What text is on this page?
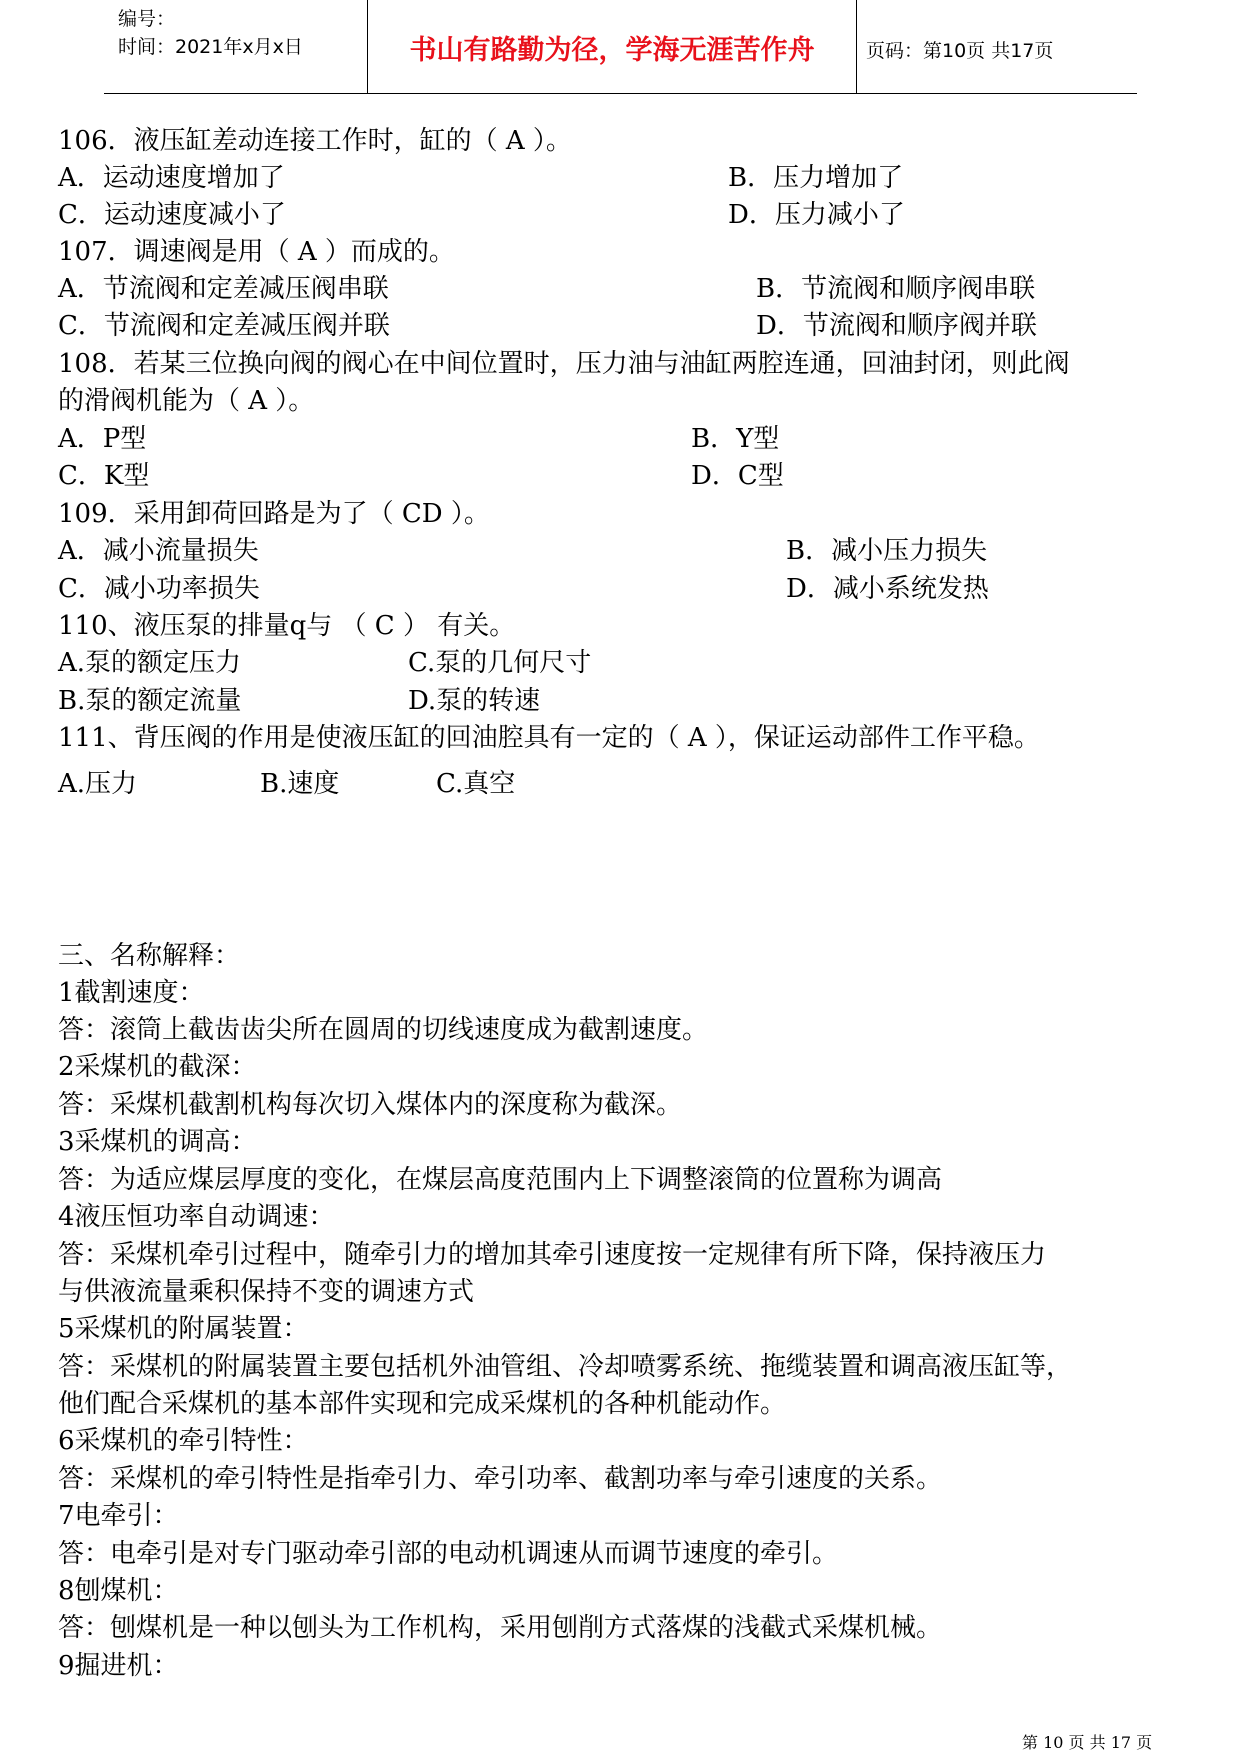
编号：
时间：2021年x月x日	书山有路勤为径，学海无涯苦作舟	页码：第10页 共17页
106．液压缸差动连接工作时，缸的（ A ）。
A．运动速度增加了	B．压力增加了
C．运动速度减小了	D．压力减小了
107．调速阀是用（ A ）而成的。
A．节流阀和定差减压阀串联	B．节流阀和顺序阀串联
C．节流阀和定差减压阀并联	D．节流阀和顺序阀并联
108．若某三位换向阀的阀心在中间位置时，压力油与油缸两腔连通，回油封闭，则此阀
的滑阀机能为（ A ）。
A．P型	B．Y型
C．K型	D．C型
109．采用卸荷回路是为了（ CD ）。
A．减小流量损失	B．减小压力损失
C．减小功率损失	D．减小系统发热
110、液压泵的排量q与 （ C ） 有关。
A.泵的额定压力	C.泵的几何尺寸
B.泵的额定流量	D.泵的转速
111、背压阀的作用是使液压缸的回油腔具有一定的（ A ），保证运动部件工作平稳。
A.压力	B.速度	C.真空
三、名称解释：
1截割速度：
答：滚筒上截齿齿尖所在圆周的切线速度成为截割速度。
2采煤机的截深：
答：采煤机截割机构每次切入煤体内的深度称为截深。
3采煤机的调高：
答：为适应煤层厚度的变化，在煤层高度范围内上下调整滚筒的位置称为调高
4液压恒功率自动调速：
答：采煤机牵引过程中，随牵引力的增加其牵引速度按一定规律有所下降，保持液压力
与供液流量乘积保持不变的调速方式
5采煤机的附属装置：
答：采煤机的附属装置主要包括机外油管组、冷却喷雾系统、拖缆装置和调高液压缸等，
他们配合采煤机的基本部件实现和完成采煤机的各种机能动作。
6采煤机的牵引特性：
答：采煤机的牵引特性是指牵引力、牵引功率、截割功率与牵引速度的关系。
7电牵引：
答：电牵引是对专门驱动牵引部的电动机调速从而调节速度的牵引。
8刨煤机：
答：刨煤机是一种以刨头为工作机构，采用刨削方式落煤的浅截式采煤机械。
9掘进机：
第 10 页 共 17 页
